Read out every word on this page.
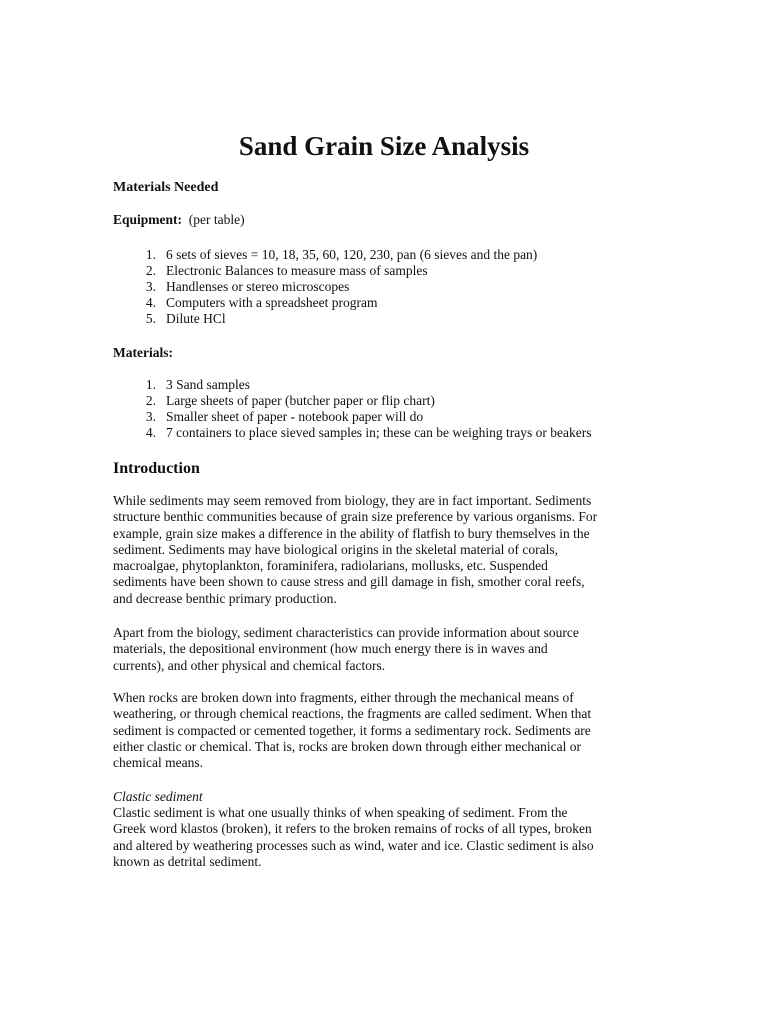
Sand Grain Size Analysis
Materials Needed

Equipment: (per table)

1. 6 sets of sieves = 10, 18, 35, 60, 120, 230, pan (6 sieves and the pan)
2. Electronic Balances to measure mass of samples
3. Handlenses or stereo microscopes
4. Computers with a spreadsheet program
5. Dilute HCl
Materials:
1. 3 Sand samples
2. Large sheets of paper (butcher paper or flip chart)
3. Smaller sheet of paper - notebook paper will do
4. 7 containers to place sieved samples in; these can be weighing trays or beakers
Introduction

While sediments may seem removed from biology, they are in fact important. Sediments
structure benthic communities because of grain size preference by various organisms. For
example, grain size makes a difference in the ability of flatfish to bury themselves in the
sediment. Sediments may have biological origins in the skeletal material of corals,
macroalgae, phytoplankton, foraminifera, radiolarians, mollusks, etc. Suspended
sediments have been shown to cause stress and gill damage in fish, smother coral reefs,
and decrease benthic primary production.

Apart from the biology, sediment characteristics can provide information about source
materials, the depositional environment (how much energy there is in waves and
currents), and other physical and chemical factors.

When rocks are broken down into fragments, either through the mechanical means of
weathering, or through chemical reactions, the fragments are called sediment. When that
sediment is compacted or cemented together, it forms a sedimentary rock. Sediments are
either clastic or chemical. That is, rocks are broken down through either mechanical or
chemical means.

Clastic sediment

Clastic sediment is what one usually thinks of when speaking of sediment. From the
Greek word klastos (broken), it refers to the broken remains of rocks of all types, broken
and altered by weathering processes such as wind, water and ice. Clastic sediment is also
known as detrital sediment.
